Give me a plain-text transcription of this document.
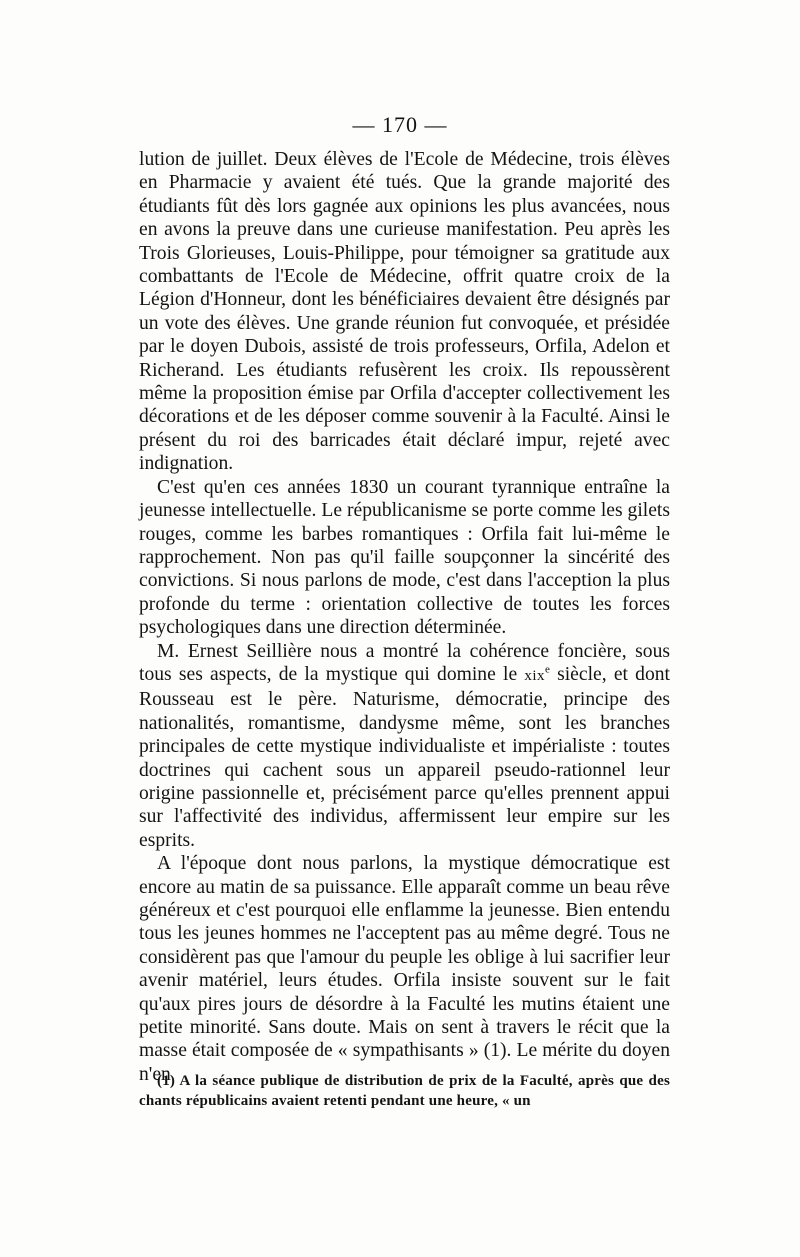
— 170 —

lution de juillet. Deux élèves de l'Ecole de Médecine, trois élèves en Pharmacie y avaient été tués. Que la grande majorité des étudiants fût dès lors gagnée aux opinions les plus avancées, nous en avons la preuve dans une curieuse manifestation. Peu après les Trois Glorieuses, Louis-Philippe, pour témoigner sa gratitude aux combattants de l'Ecole de Médecine, offrit quatre croix de la Légion d'Honneur, dont les bénéficiaires devaient être désignés par un vote des élèves. Une grande réunion fut convoquée, et présidée par le doyen Dubois, assisté de trois professeurs, Orfila, Adelon et Richerand. Les étudiants refusèrent les croix. Ils repoussèrent même la proposition émise par Orfila d'accepter collectivement les décorations et de les déposer comme souvenir à la Faculté. Ainsi le présent du roi des barricades était déclaré impur, rejeté avec indignation.

C'est qu'en ces années 1830 un courant tyrannique entraîne la jeunesse intellectuelle. Le républicanisme se porte comme les gilets rouges, comme les barbes romantiques : Orfila fait lui-même le rapprochement. Non pas qu'il faille soupçonner la sincérité des convictions. Si nous parlons de mode, c'est dans l'acception la plus profonde du terme : orientation collective de toutes les forces psychologiques dans une direction déterminée.

M. Ernest Seillière nous a montré la cohérence foncière, sous tous ses aspects, de la mystique qui domine le xix$^e$ siècle, et dont Rousseau est le père. Naturisme, démocratie, principe des nationalités, romantisme, dandysme même, sont les branches principales de cette mystique individualiste et impérialiste : toutes doctrines qui cachent sous un appareil pseudo-rationnel leur origine passionnelle et, précisément parce qu'elles prennent appui sur l'affectivité des individus, affermissent leur empire sur les esprits.

A l'époque dont nous parlons, la mystique démocratique est encore au matin de sa puissance. Elle apparaît comme un beau rêve généreux et c'est pourquoi elle enflamme la jeunesse. Bien entendu tous les jeunes hommes ne l'acceptent pas au même degré. Tous ne considèrent pas que l'amour du peuple les oblige à lui sacrifier leur avenir matériel, leurs études. Orfila insiste souvent sur le fait qu'aux pires jours de désordre à la Faculté les mutins étaient une petite minorité. Sans doute. Mais on sent à travers le récit que la masse était composée de « sympathisants » (1). Le mérite du doyen n'en

(1) A la séance publique de distribution de prix de la Faculté, après que des chants républicains avaient retenti pendant une heure, « un
